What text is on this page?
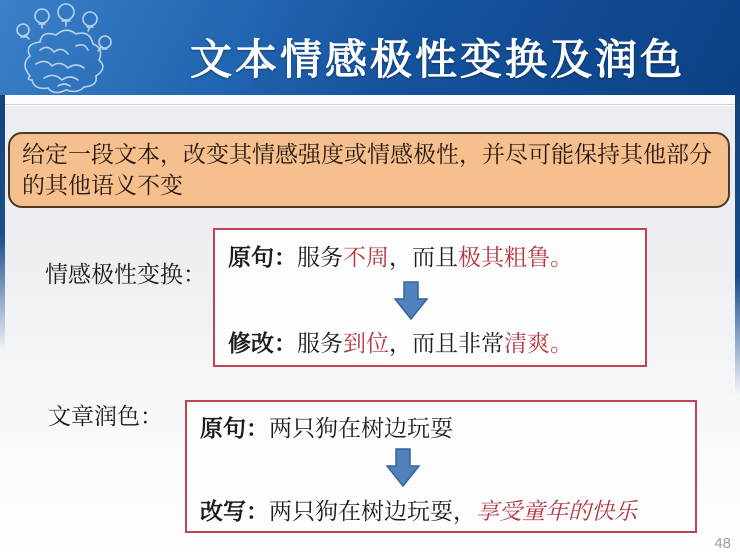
文本情感极性变换及润色
给定一段文本，改变其情感强度或情感极性，并尽可能保持其他部分的其他语义不变
情感极性变换：
原句：服务不周，而且极其粗鲁。
修改：服务到位，而且非常清爽。
文章润色： 原句：两只狗在树边玩耍
改写：两只狗在树边玩耍，享受童年的快乐
48
